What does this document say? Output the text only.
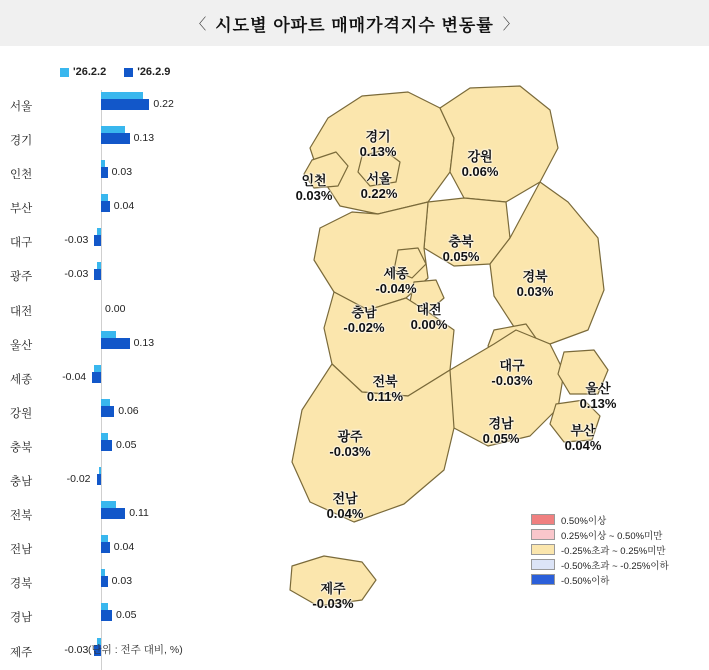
〈 시도별 아파트 매매가격지수 변동률 〉
'26.2.2	'26.2.9
서울	0.22
경기	0.13
인천	0.03
부산	0.04
대구	-0.03
광주	-0.03
대전	0.00
울산	0.13
세종	-0.04
강원	0.06
충북	0.05
충남	-0.02
전북	0.11
전남	0.04
경북	0.03
경남	0.05
제주	-0.03 (단위 : 전주 대비, %)
경기
0.13%	강원
0.06%
인천
0.03%
서울
0.22%
충북
0.05%
세종
-0.04%
경북
0.03%
충남
-0.02%
대전
0.00%
대구
-0.03%
전북
0.11%
울산
0.13%
경남
0.05%
부산
0.04%
광주
-0.03%
전남
0.04%
제주
-0.03%
0.50%이상
0.25%이상 ~ 0.50%미만
-0.25%초과 ~ 0.25%미만
-0.50%초과 ~ -0.25%이하
-0.50%이하
